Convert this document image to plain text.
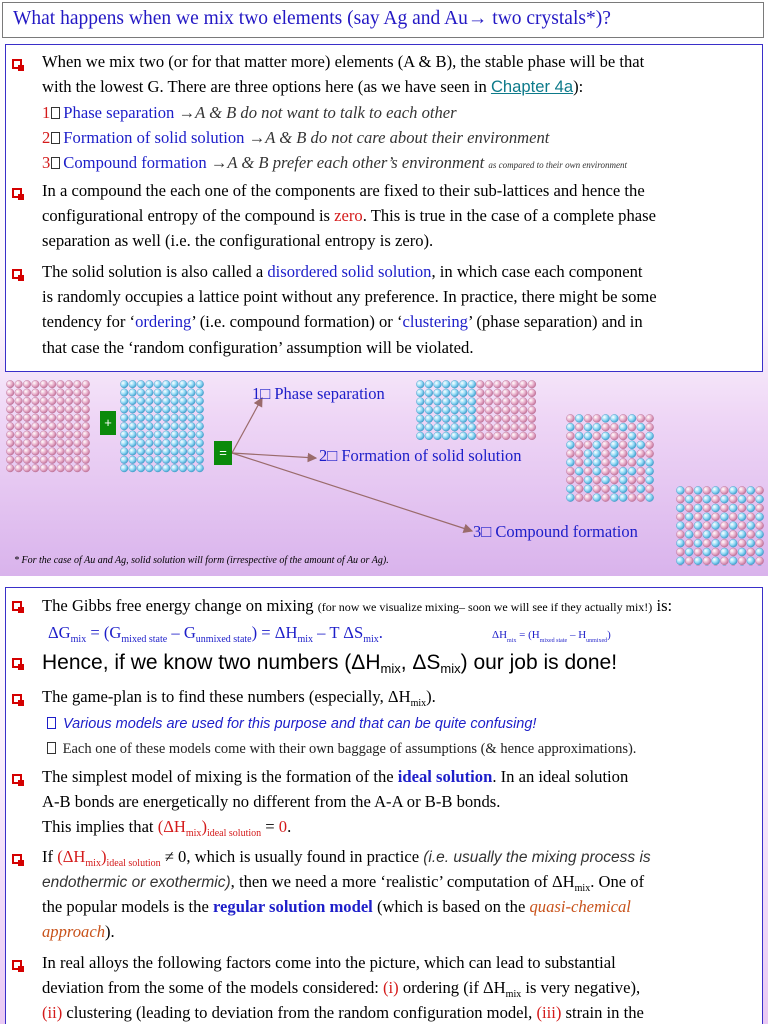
What happens when we mix two elements (say Ag and Au→ two crystals*)?
When we mix two (or for that matter more) elements (A & B), the stable phase will be that
with the lowest G. There are three options here (as we have seen in Chapter 4a):
1 Phase separation →A & B do not want to talk to each other
2 Formation of solid solution →A & B do not care about their environment
3 Compound formation →A & B prefer each other’s environment as compared to their own environment
In a compound the each one of the components are fixed to their sub-lattices and hence the
configurational entropy of the compound is zero. This is true in the case of a complete phase
separation as well (i.e. the configurational entropy is zero).
The solid solution is also called a disordered solid solution, in which case each component
is randomly occupies a lattice point without any preference. In practice, there might be some
tendency for ‘ordering’ (i.e. compound formation) or ‘clustering’ (phase separation) and in
that case the ‘random configuration’ assumption will be violated.
+
=
1□ Phase separation
2□ Formation of solid solution
3□ Compound formation
* For the case of Au and Ag, solid solution will form (irrespective of the amount of Au or Ag).
The Gibbs free energy change on mixing (for now we visualize mixing– soon we will see if they actually mix!) is:
$\Delta G_{mix} = (G_{mixed state} - G_{unmixed state}) = \Delta H_{mix} - T$ $\Delta S_{mix}$.	$\Delta H_{mix} = (H_{mixed state} - H_{unmixed})$
Hence, if we know two numbers ($\Delta H_{mix}$, $\Delta S_{mix}$) our job is done!
The game-plan is to find these numbers (especially, $\Delta H_{mix}$).
Various models are used for this purpose and that can be quite confusing!
Each one of these models come with their own baggage of assumptions (& hence approximations).
The simplest model of mixing is the formation of the ideal solution. In an ideal solution
A-B bonds are energetically no different from the A-A or B-B bonds.
This implies that $(\Delta H_{mix})_{ideal solution} = 0$.
If $(\Delta H_{mix})_{ideal solution} \ne 0$, which is usually found in practice (i.e. usually the mixing process is
endothermic or exothermic), then we need a more ‘realistic’ computation of $\Delta H_{mix}$. One of
the popular models is the regular solution model (which is based on the quasi-chemical
approach).
In real alloys the following factors come into the picture, which can lead to substantial
deviation from the some of the models considered: (i) ordering (if $\Delta H_{mix}$ is very negative),
(ii) clustering (leading to deviation from the random configuration model, (iii) strain in the
